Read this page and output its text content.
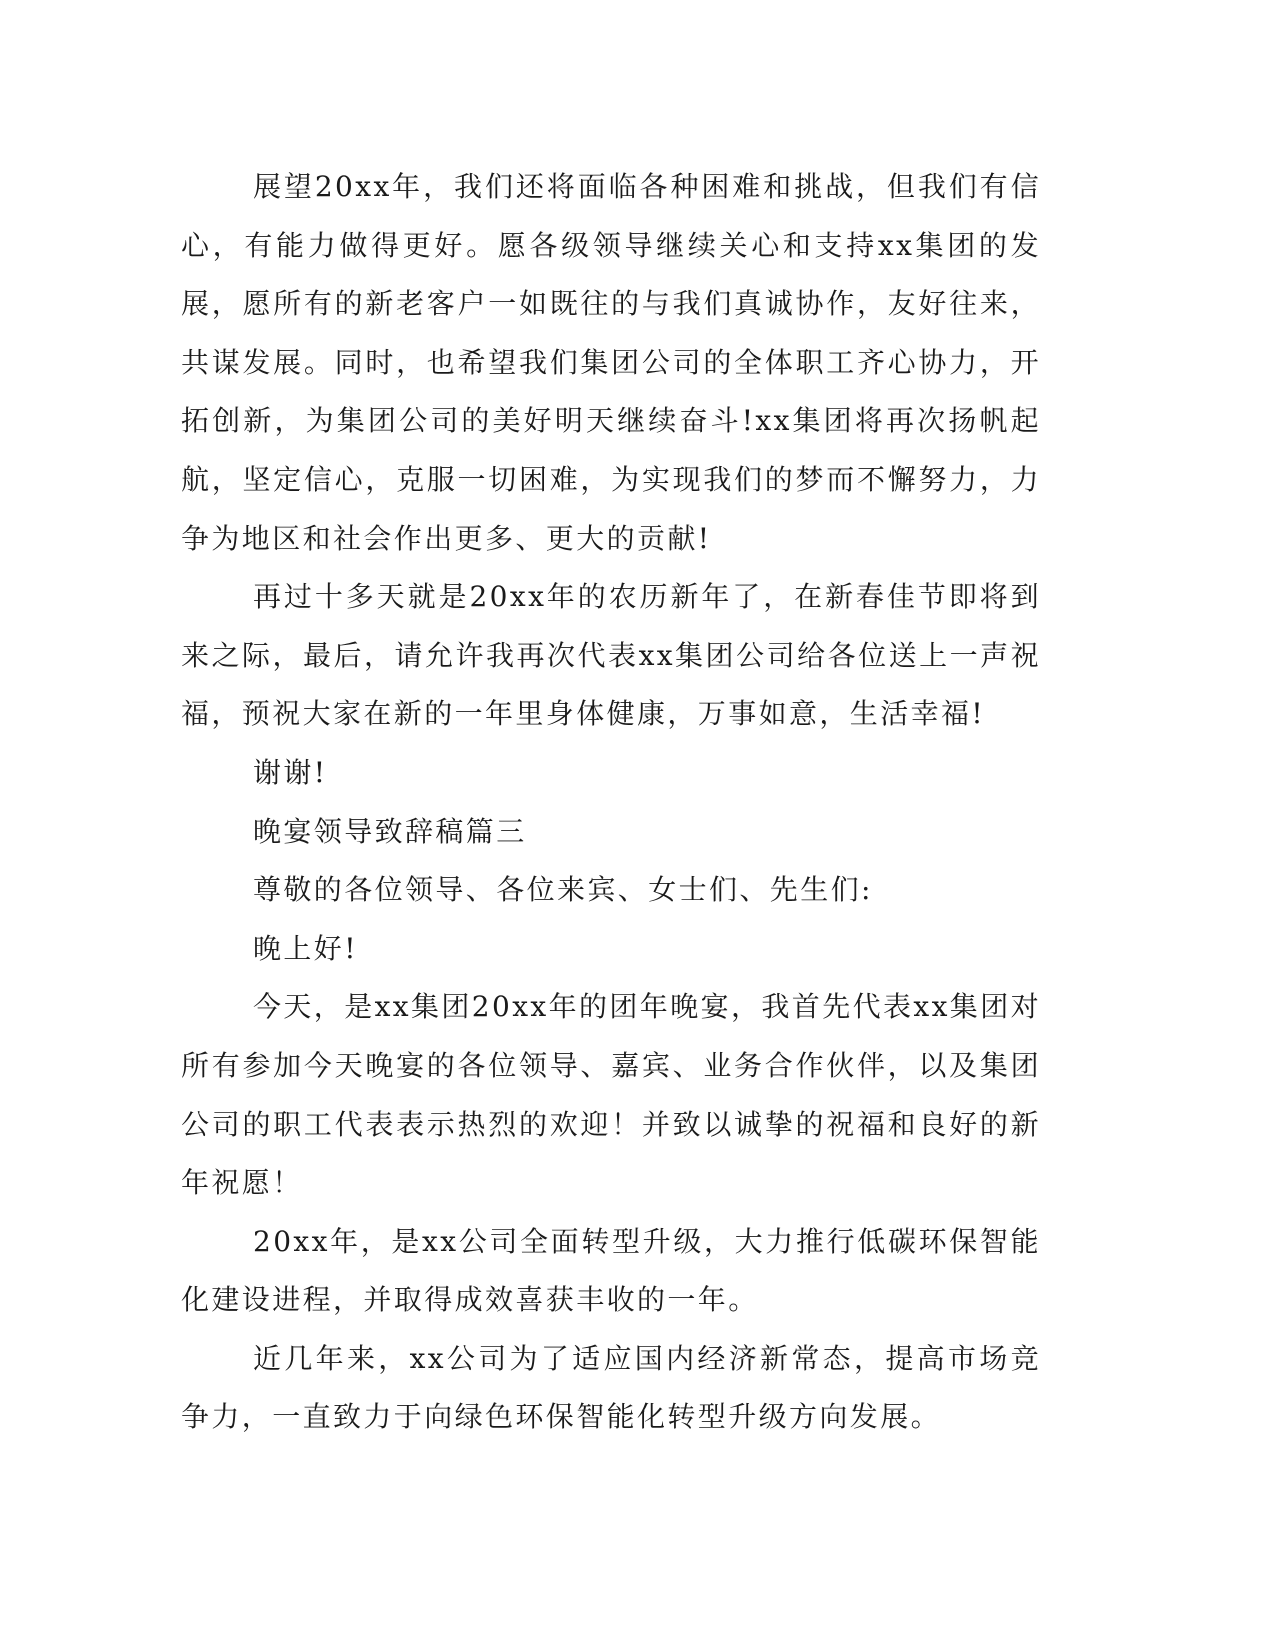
展望20xx年，我们还将面临各种困难和挑战，但我们有信心，有能力做得更好。愿各级领导继续关心和支持xx集团的发展，愿所有的新老客户一如既往的与我们真诚协作，友好往来，共谋发展。同时，也希望我们集团公司的全体职工齐心协力，开拓创新，为集团公司的美好明天继续奋斗!xx集团将再次扬帆起航，坚定信心，克服一切困难，为实现我们的梦而不懈努力，力争为地区和社会作出更多、更大的贡献!

再过十多天就是20xx年的农历新年了，在新春佳节即将到来之际，最后，请允许我再次代表xx集团公司给各位送上一声祝福，预祝大家在新的一年里身体健康，万事如意，生活幸福!

谢谢!

晚宴领导致辞稿篇三

尊敬的各位领导、各位来宾、女士们、先生们:

晚上好!

今天，是xx集团20xx年的团年晚宴，我首先代表xx集团对所有参加今天晚宴的各位领导、嘉宾、业务合作伙伴，以及集团公司的职工代表表示热烈的欢迎！并致以诚挚的祝福和良好的新年祝愿！

20xx年，是xx公司全面转型升级，大力推行低碳环保智能化建设进程，并取得成效喜获丰收的一年。

近几年来，xx公司为了适应国内经济新常态，提高市场竞争力，一直致力于向绿色环保智能化转型升级方向发展。
